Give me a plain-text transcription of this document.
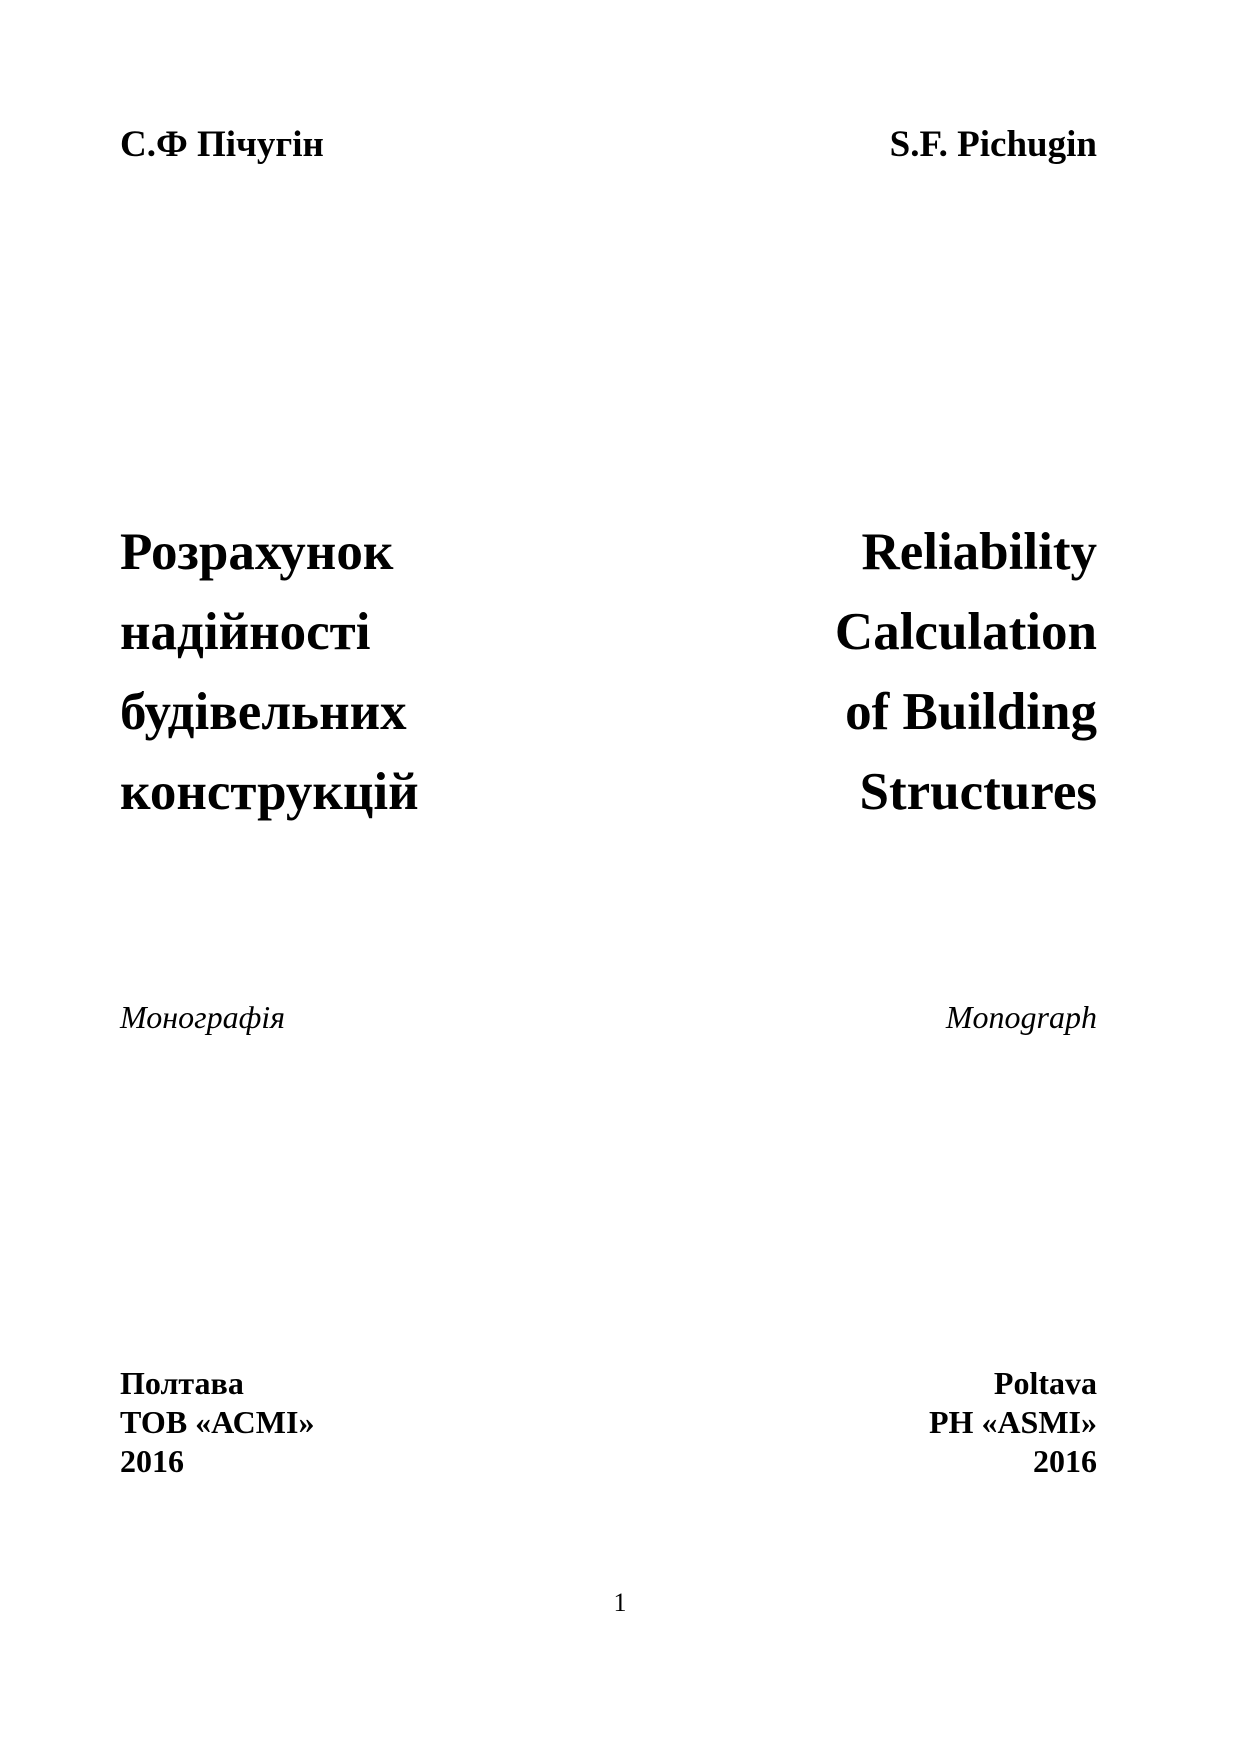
С.Ф Пічугін	S.F. Pichugin
Розрахунок
надійності
будівельних
конструкцій
Reliability
Calculation
of Building
Structures
Монографія	Monograph
Полтава
ТОВ «АСМІ»
2016
Poltava
PH «ASMI»
2016
1
